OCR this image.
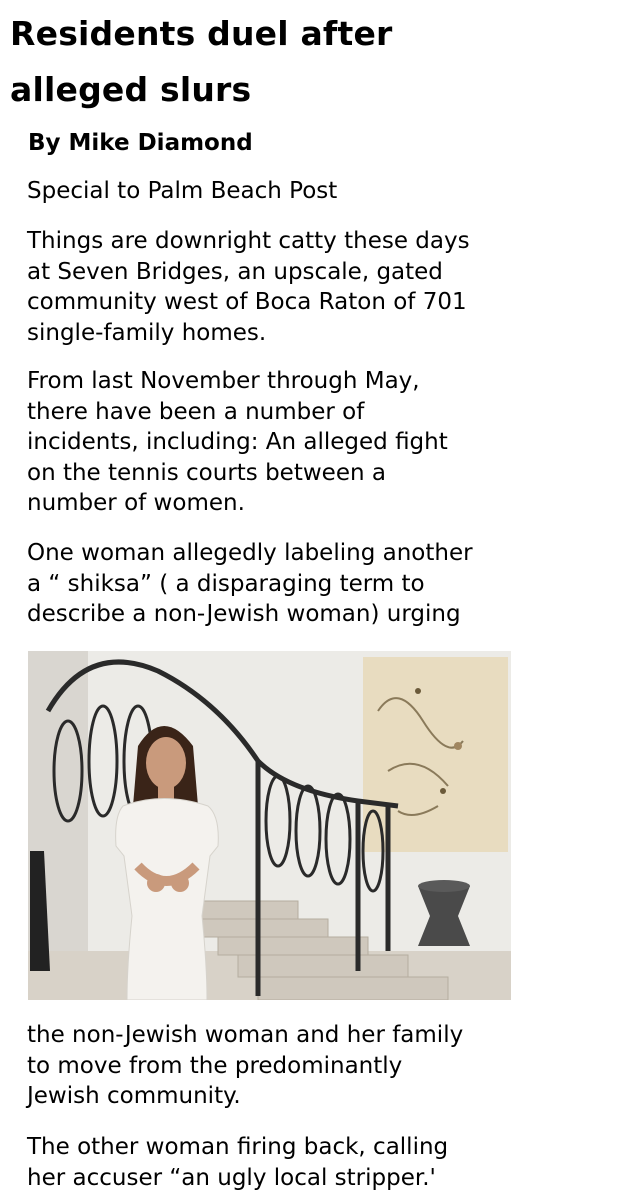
Residents duel after
alleged slurs

By Mike Diamond

Special to Palm Beach Post

Things are downright catty these days
at Seven Bridges, an upscale, gated
community west of Boca Raton of 701
single-family homes.

From last November through May,
there have been a number of
incidents, including: An alleged fight
on the tennis courts between a
number of women.

One woman allegedly labeling another
a “ shiksa” ( a disparaging term to
describe a non-Jewish woman) urging

the non-Jewish woman and her family
to move from the predominantly
Jewish community.

The other woman firing back, calling
her accuser “an ugly local stripper.'
